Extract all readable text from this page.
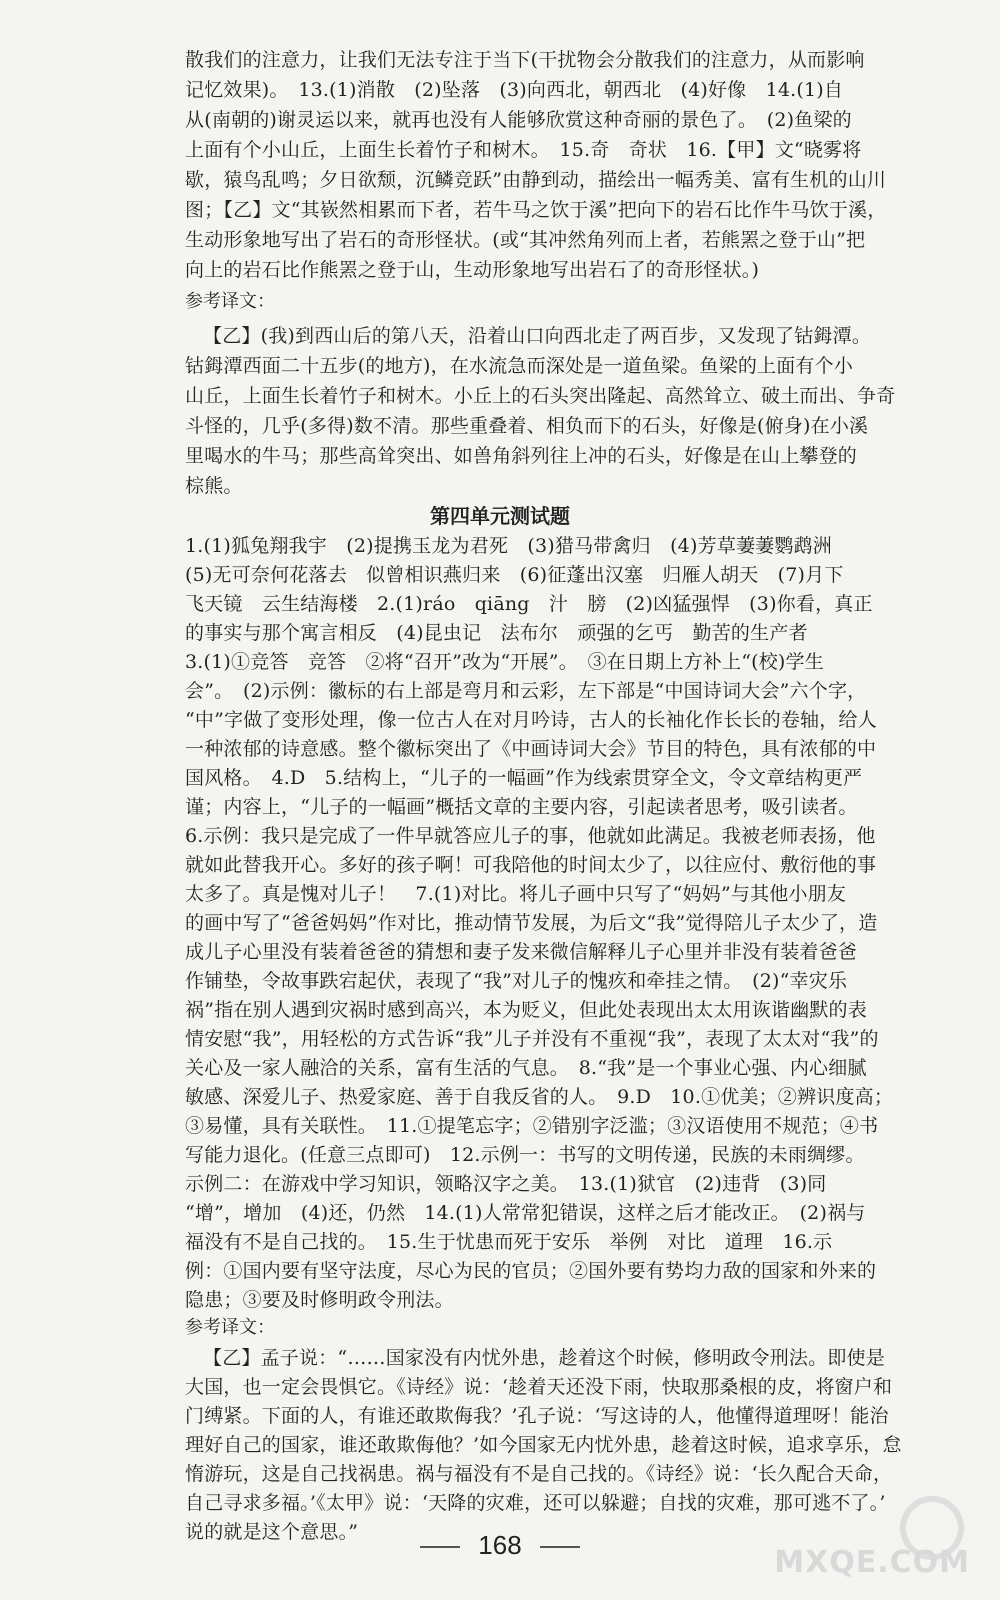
散我们的注意力，让我们无法专注于当下(干扰物会分散我们的注意力，从而影响
记忆效果)。　13.(1)消散　(2)坠落　(3)向西北，朝西北　(4)好像　14.(1)自
从(南朝的)谢灵运以来，就再也没有人能够欣赏这种奇丽的景色了。　(2)鱼梁的
上面有个小山丘，上面生长着竹子和树木。　15.奇　奇状　16.【甲】文“晓雾将
歇，猿鸟乱鸣；夕日欲颓，沉鳞竞跃”由静到动，描绘出一幅秀美、富有生机的山川
图；【乙】文“其嵚然相累而下者，若牛马之饮于溪”把向下的岩石比作牛马饮于溪，
生动形象地写出了岩石的奇形怪状。(或“其冲然角列而上者，若熊罴之登于山”把
向上的岩石比作熊罴之登于山，生动形象地写出岩石了的奇形怪状。)
参考译文：
【乙】(我)到西山后的第八天，沿着山口向西北走了两百步，又发现了钴鉧潭。
钴鉧潭西面二十五步(的地方)，在水流急而深处是一道鱼梁。鱼梁的上面有个小
山丘，上面生长着竹子和树木。小丘上的石头突出隆起、高然耸立、破土而出、争奇
斗怪的，几乎(多得)数不清。那些重叠着、相负而下的石头，好像是(俯身)在小溪
里喝水的牛马；那些高耸突出、如兽角斜列往上冲的石头，好像是在山上攀登的
棕熊。
第四单元测试题
1.(1)狐兔翔我宇　(2)提携玉龙为君死　(3)猎马带禽归　(4)芳草萋萋鹦鹉洲
(5)无可奈何花落去　似曾相识燕归来　(6)征蓬出汉塞　归雁人胡天　(7)月下
飞天镜　云生结海楼　2.(1)ráo　qiāng　汁　膀　(2)凶猛强悍　(3)你看，真正
的事实与那个寓言相反　(4)昆虫记　法布尔　顽强的乞丐　勤苦的生产者
3.(1)①竞答　竞答　②将“召开”改为“开展”。　③在日期上方补上“(校)学生
会”。　(2)示例：徽标的右上部是弯月和云彩，左下部是“中国诗词大会”六个字，
“中”字做了变形处理，像一位古人在对月吟诗，古人的长袖化作长长的卷轴，给人
一种浓郁的诗意感。整个徽标突出了《中画诗词大会》节目的特色，具有浓郁的中
国风格。　4.D　5.结构上，“儿子的一幅画”作为线索贯穿全文，令文章结构更严
谨；内容上，“儿子的一幅画”概括文章的主要内容，引起读者思考，吸引读者。
6.示例：我只是完成了一件早就答应儿子的事，他就如此满足。我被老师表扬，他
就如此替我开心。多好的孩子啊！可我陪他的时间太少了，以往应付、敷衍他的事
太多了。真是愧对儿子！　7.(1)对比。将儿子画中只写了“妈妈”与其他小朋友
的画中写了“爸爸妈妈”作对比，推动情节发展，为后文“我”觉得陪儿子太少了，造
成儿子心里没有装着爸爸的猜想和妻子发来微信解释儿子心里并非没有装着爸爸
作铺垫，令故事跌宕起伏，表现了“我”对儿子的愧疚和牵挂之情。　(2)“幸灾乐
祸”指在别人遇到灾祸时感到高兴，本为贬义，但此处表现出太太用诙谐幽默的表
情安慰“我”，用轻松的方式告诉“我”儿子并没有不重视“我”，表现了太太对“我”的
关心及一家人融洽的关系，富有生活的气息。　8.“我”是一个事业心强、内心细腻
敏感、深爱儿子、热爱家庭、善于自我反省的人。　9.D　10.①优美；②辨识度高；
③易懂，具有关联性。　11.①提笔忘字；②错别字泛滥；③汉语使用不规范；④书
写能力退化。(任意三点即可)　12.示例一：书写的文明传递，民族的未雨绸缪。
示例二：在游戏中学习知识，领略汉字之美。　13.(1)狱官　(2)违背　(3)同
“增”，增加　(4)还，仍然　14.(1)人常常犯错误，这样之后才能改正。　(2)祸与
福没有不是自己找的。　15.生于忧患而死于安乐　举例　对比　道理　16.示
例：①国内要有坚守法度，尽心为民的官员；②国外要有势均力敌的国家和外来的
隐患；③要及时修明政令刑法。
参考译文：
【乙】孟子说：“……国家没有内忧外患，趁着这个时候，修明政令刑法。即使是
大国，也一定会畏惧它。《诗经》说：‘趁着天还没下雨，快取那桑根的皮，将窗户和
门缚紧。下面的人，有谁还敢欺侮我？’孔子说：‘写这诗的人，他懂得道理呀！能治
理好自己的国家，谁还敢欺侮他？’如今国家无内忧外患，趁着这时候，追求享乐，怠
惰游玩，这是自己找祸患。祸与福没有不是自己找的。《诗经》说：‘长久配合天命，
自己寻求多福。’《太甲》说：‘天降的灾难，还可以躲避；自找的灾难，那可逃不了。’
说的就是这个意思。”	168	MXQE.COM
